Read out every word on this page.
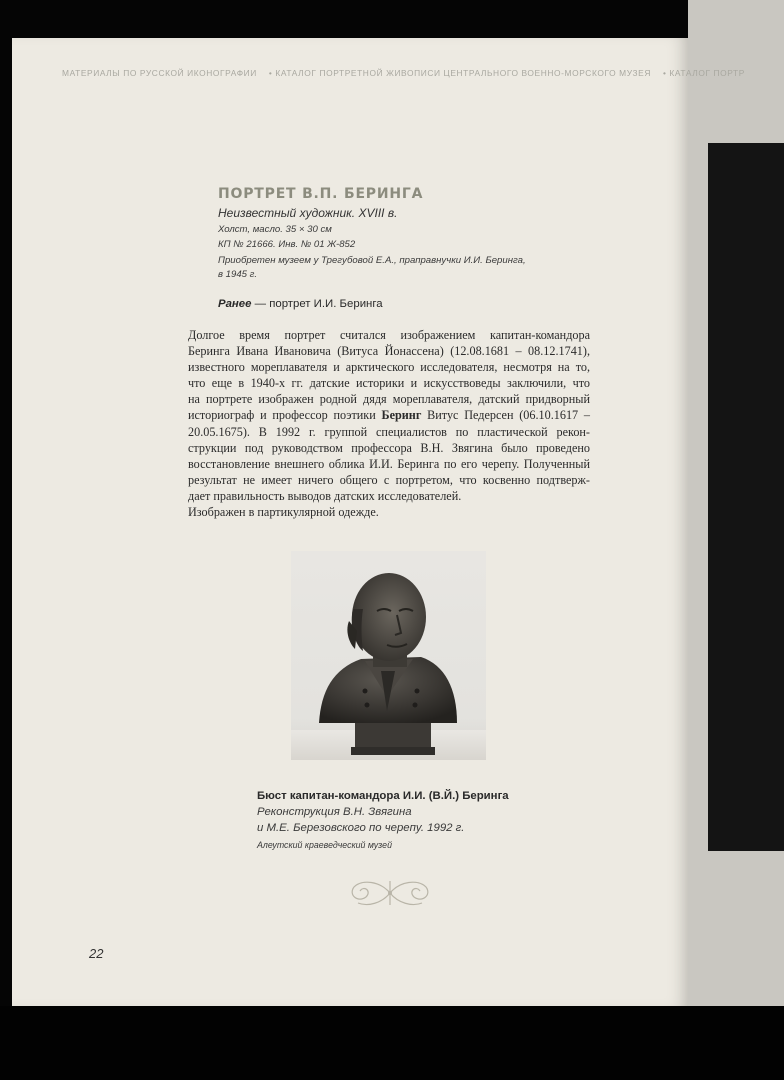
МАТЕРИАЛЫ ПО РУССКОЙ ИКОНОГРАФИИ • КАТАЛОГ ПОРТРЕТНОЙ ЖИВОПИСИ ЦЕНТРАЛЬНОГО ВОЕННО-МОРСКОГО МУЗЕЯ • КАТАЛОГ ПОРТР
ПОРТРЕТ В.П. БЕРИНГА
Неизвестный художник. XVIII в.
Холст, масло. 35 × 30 см
КП № 21666. Инв. № 01 Ж-852
Приобретен музеем у Трегубовой Е.А., праправнучки И.И. Беринга,
в 1945 г.
Ранее — портрет И.И. Беринга
Долгое время портрет считался изображением капитан-командора
Беринга Ивана Ивановича (Витуса Йонассена) (12.08.1681 – 08.12.1741),
известного мореплавателя и арктического исследователя, несмотря на то,
что еще в 1940-х гг. датские историки и искусствоведы заключили, что
на портрете изображен родной дядя мореплавателя, датский придворный
историограф и профессор поэтики Беринг Витус Педерсен (06.10.1617 –
20.05.1675). В 1992 г. группой специалистов по пластической рекон-
струкции под руководством профессора В.Н. Звягина было проведено
восстановление внешнего облика И.И. Беринга по его черепу. Полученный
результат не имеет ничего общего с портретом, что косвенно подтверж-
дает правильность выводов датских исследователей.
Изображен в партикулярной одежде.
Бюст капитан-командора И.И. (В.Й.) Беринга
Реконструкция В.Н. Звягина
и М.Е. Березовского по черепу. 1992 г.
Алеутский краеведческий музей
22
